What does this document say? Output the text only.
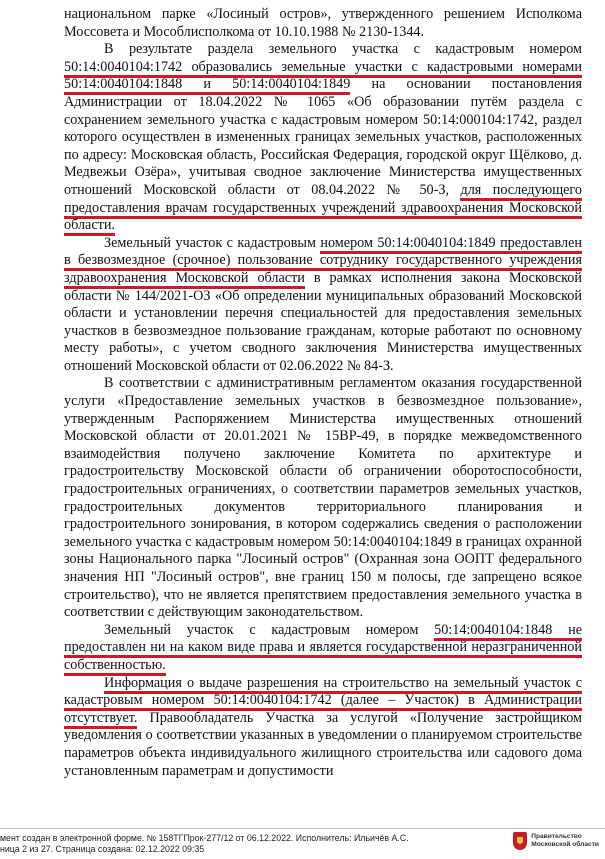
национальном парке «Лосиный остров», утвержденного решением Исполкома Моссовета и Мособлисполкома от 10.10.1988 № 2130-1344.

В результате раздела земельного участка с кадастровым номером 50:14:0040104:1742 образовались земельные участки с кадастровыми номерами 50:14:0040104:1848 и 50:14:0040104:1849 на основании постановления Администрации от 18.04.2022 № 1065 «Об образовании путём раздела с сохранением земельного участка с кадастровым номером 50:14:000104:1742, раздел которого осуществлен в измененных границах земельных участков, расположенных по адресу: Московская область, Российская Федерация, городской округ Щёлково, д. Медвежьи Озёра», учитывая сводное заключение Министерства имущественных отношений Московской области от 08.04.2022 № 50-З, для последующего предоставления врачам государственных учреждений здравоохранения Московской области.

Земельный участок с кадастровым номером 50:14:0040104:1849 предоставлен в безвозмездное (срочное) пользование сотруднику государственного учреждения здравоохранения Московской области в рамках исполнения закона Московской области № 144/2021-ОЗ «Об определении муниципальных образований Московской области и установлении перечня специальностей для предоставления земельных участков в безвозмездное пользование гражданам, которые работают по основному месту работы», с учетом сводного заключения Министерства имущественных отношений Московской области от 02.06.2022 № 84-З.

В соответствии с административным регламентом оказания государственной услуги «Предоставление земельных участков в безвозмездное пользование», утвержденным Распоряжением Министерства имущественных отношений Московской области от 20.01.2021 № 15ВР-49, в порядке межведомственного взаимодействия получено заключение Комитета по архитектуре и градостроительству Московской области об ограничении оборотоспособности, градостроительных ограничениях, о соответствии параметров земельных участков, градостроительных документов территориального планирования и градостроительного зонирования, в котором содержались сведения о расположении земельного участка с кадастровым номером 50:14:0040104:1849 в границах охранной зоны Национального парка "Лосиный остров" (Охранная зона ООПТ федерального значения НП "Лосиный остров", вне границ 150 м полосы, где запрещено всякое строительство), что не является препятствием предоставления земельного участка в соответствии с действующим законодательством.

Земельный участок с кадастровым номером 50:14:0040104:1848 не предоставлен ни на каком виде права и является государственной неразграниченной собственностью.

Информация о выдаче разрешения на строительство на земельный участок с кадастровым номером 50:14:0040104:1742 (далее – Участок) в Администрации отсутствует. Правообладатель Участка за услугой «Получение застройщиком уведомления о соответствии указанных в уведомлении о планируемом строительстве параметров объекта индивидуального жилищного строительства или садового дома установленным параметрам и допустимости

мент создан в электронной форме. № 158ТГПрок-277/12 от 06.12.2022. Исполнитель: Ильичёв А.С.
ница 2 из 27. Страница создана: 02.12.2022 09:35
Правительство
Московской области
